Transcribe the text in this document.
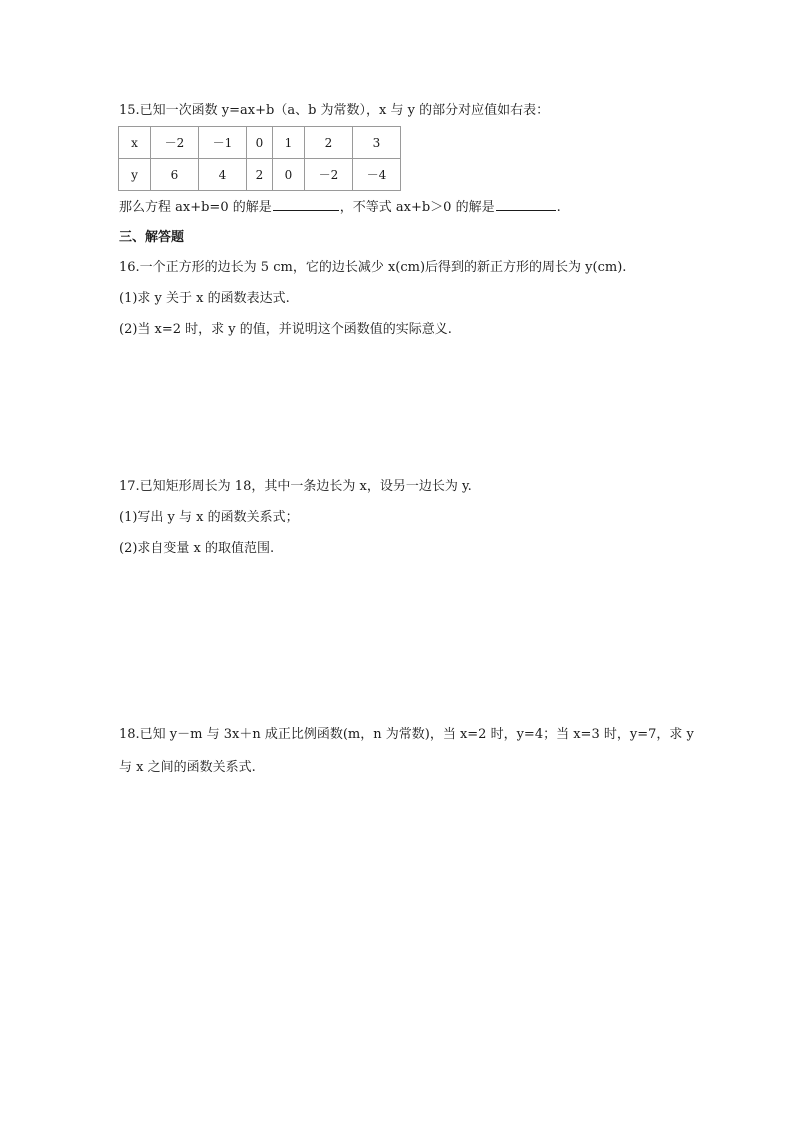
15.已知一次函数 y=ax+b（a、b 为常数），x 与 y 的部分对应值如右表：
x	－2	－1	0	1	2	3
y	6	4	2	0	－2	－4
那么方程 ax+b=0 的解是	，不等式 ax+b＞0 的解是	.
三、解答题
16.一个正方形的边长为 5 cm，它的边长减少 x(cm)后得到的新正方形的周长为 y(cm).
(1)求 y 关于 x 的函数表达式.
(2)当 x=2 时，求 y 的值，并说明这个函数值的实际意义.
17.已知矩形周长为 18，其中一条边长为 x，设另一边长为 y.
(1)写出 y 与 x 的函数关系式；
(2)求自变量 x 的取值范围.
18.已知 y－m 与 3x＋n 成正比例函数(m，n 为常数)，当 x=2 时，y=4；当 x=3 时，y=7，求 y
与 x 之间的函数关系式.
